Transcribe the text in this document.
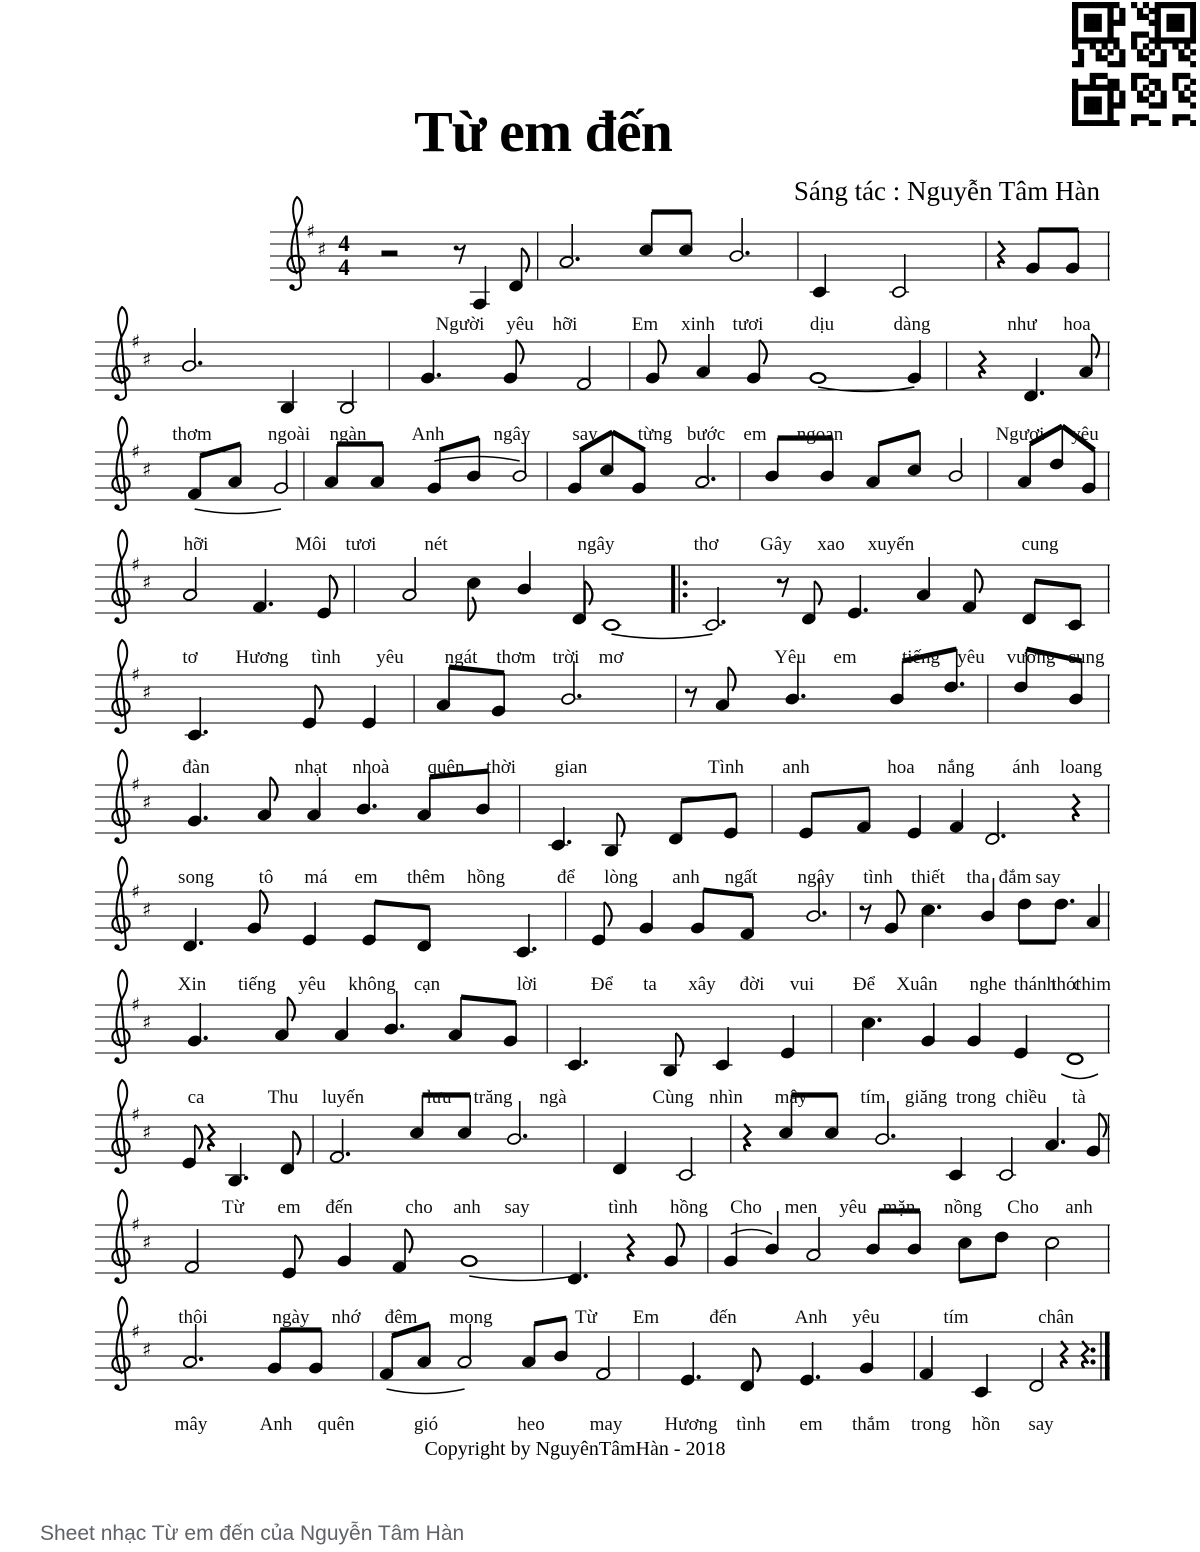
Từ em đến
Sáng tác : Nguyễn Tâm Hàn
♯
♯ 4
4
♯
♯
♯
♯
♯
♯
♯
♯
♯
♯
♯
♯
♯
♯
♯
♯
♯
♯
♯
♯
Copyright by NguyênTâmHàn - 2018
Sheet nhạc Từ em đến của Nguyễn Tâm Hàn
Người yêu hỡi	Em xinh tươi dịu	dàng	như hoa
thơm	ngoài ngàn Anh	ngây say từng bước em ngoan	Ngươi yêu
hỡi	Môi tươi	nét	ngây	thơ Gây xao xuyến	cung
tơ Hương tình yêu ngát thơm trời mơ	Yêu em tiếng yêu vương cung
đàn	nhạt nhoà quên thời gian	Tình anh	hoa nắng ánh loang
song tô má em thêm hồng	để lòng anh ngất ngây tình thiết tha đắm say
Xin tiếng yêu không cạn	lời	Để ta xây đời vui Để Xuân nghe thánh
thót
chim
ca	Thu luyến	lưu trăng ngà	Cùng nhìn mây	tím giăng trong chiều tà
Từ em đến	cho anh say	tình hồng Cho men yêu mặn nồng Cho anh
thôi	ngày nhớ đêm mong	Từ Em	đến	Anh yêu	tím	chân
mây	Anh quên	gió	heo may Hương tình em thắm trong hồn say
